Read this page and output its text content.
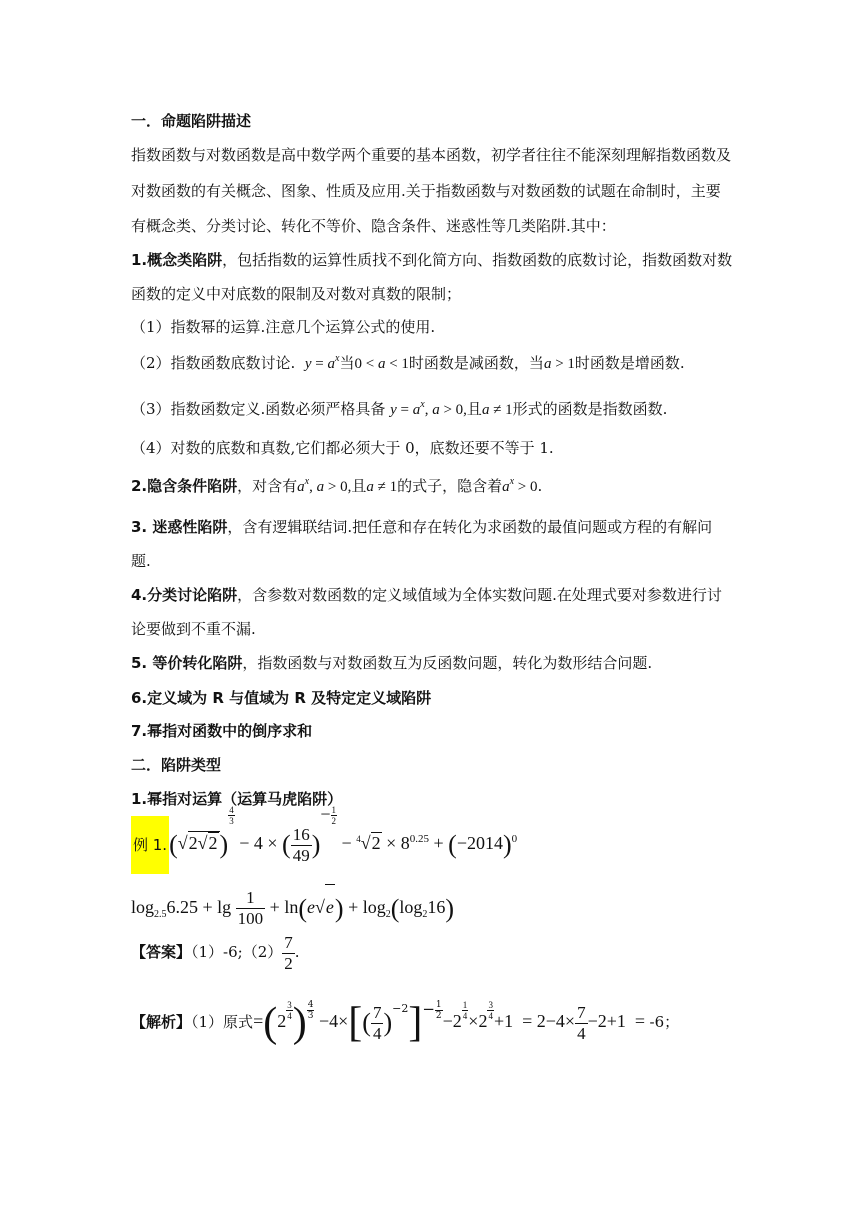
一．命题陷阱描述
指数函数与对数函数是高中数学两个重要的基本函数，初学者往往不能深刻理解指数函数及
对数函数的有关概念、图象、性质及应用.关于指数函数与对数函数的试题在命制时，主要
有概念类、分类讨论、转化不等价、隐含条件、迷惑性等几类陷阱.其中：
1.概念类陷阱，包括指数的运算性质找不到化简方向、指数函数的底数讨论，指数函数对数
函数的定义中对底数的限制及对数对真数的限制；
（1）指数幂的运算.注意几个运算公式的使用.
（2）指数函数底数讨论. $y = a^x$当0 < a < 1时函数是减函数，当a > 1时函数是增函数.
（3）指数函数定义.函数必须严格具备 $y = a^x$, a > 0,且a ≠ 1形式的函数是指数函数.
（4）对数的底数和真数,它们都必须大于 0，底数还要不等于 1.
2.隐含条件陷阱，对含有$a^x$, a > 0,且a ≠ 1的式子，隐含着$a^x > 0$.
3. 迷惑性陷阱，含有逻辑联结词.把任意和存在转化为求函数的最值问题或方程的有解问
题.
4.分类讨论陷阱，含参数对数函数的定义域值域为全体实数问题.在处理式要对参数进行讨
论要做到不重不漏.
5. 等价转化陷阱，指数函数与对数函数互为反函数问题，转化为数形结合问题.
6.定义域为 R 与值域为 R 及特定定义域陷阱
7.幂指对函数中的倒序求和
二．陷阱类型
1.幂指对运算（运算马虎陷阱）
例 1.(√2√2)
$\frac{4}{3}$
− 4 × ( $\frac{16}{49}$ )− $\frac{1}{2}$
− $^4√2 \times 8^{0.25} + (-2014)^0$
$\log_{2.5}6.25 + \lg \frac{1}{100} + \ln(e√e) + \log_2(\log_216)$
【答案】（1）-6;（2） $\frac{7}{2}$ .
【解析】（1）原式$=(2 \frac{3}{4}$ ) $\frac{4}{3}$
$-4\times[( \frac{7}{4} )-2]- \frac{1}{2}$
$-2 \frac{1}{4} \times 2 \frac{3}{4} +1 = 2-4\times \frac{7}{4} -2+1 = -6$；
